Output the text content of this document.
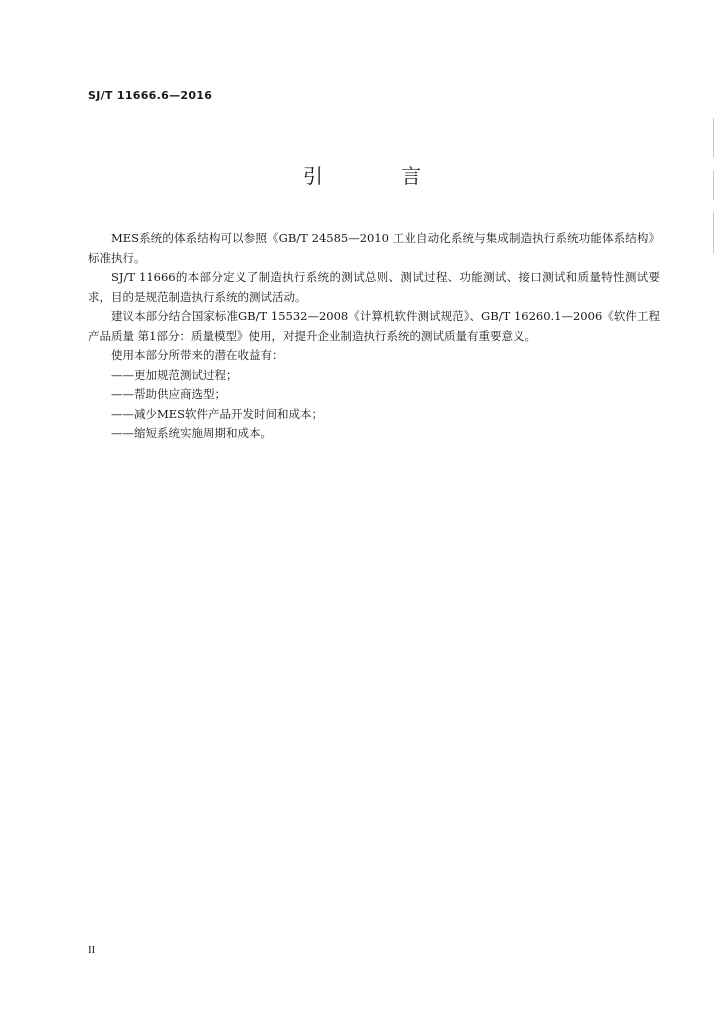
SJ/T 11666.6—2016
引 言

MES系统的体系结构可以参照《GB/T 24585—2010 工业自动化系统与集成制造执行系统功能体系结构》标准执行。

SJ/T 11666的本部分定义了制造执行系统的测试总则、测试过程、功能测试、接口测试和质量特性测试要求，目的是规范制造执行系统的测试活动。

建议本部分结合国家标准GB/T 15532—2008《计算机软件测试规范》、GB/T 16260.1—2006《软件工程 产品质量 第1部分：质量模型》使用，对提升企业制造执行系统的测试质量有重要意义。

使用本部分所带来的潜在收益有：

——更加规范测试过程；

——帮助供应商选型；

——减少MES软件产品开发时间和成本；

——缩短系统实施周期和成本。

II
